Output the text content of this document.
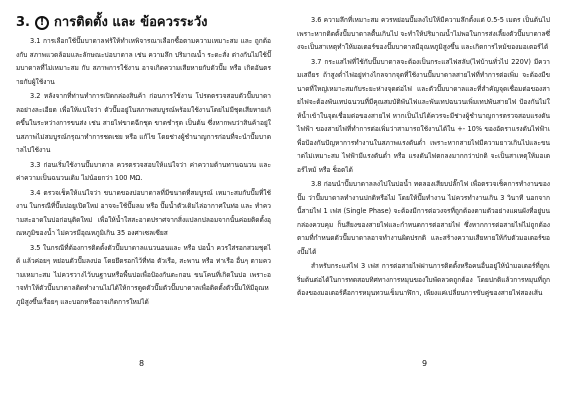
3. ! การติดตั้ง และ ข้อควรระวัง

3.1 การเลือกใช้ปั๊มบาดาลฟร้ให้ทำเหพิจารณาเลือกซื้อตามความเหมาะสม และ ถูกต้องกับ สภาพแวดล้อมและลักษณะบ่อบาดาล เช่น ความลึก ปริมาณน้ำ ระดะสั่ง ต่างกันไม่ใช้ปั๊มบาดาลที่ไม่เหมาะสม กับ สภาพการใช้งาน อาจเกิดความเสียหายกับตัวปั๊ม หรือ เกิดอันตรายกับผู้ใช้งาน

3.2 หลังจากที่ท่านทำการเปิดกล่องสินค้า ก่อนการใช้งาน โปรดตรวจสอบตัวปั๊มบาดาลอย่างละเอียด เพื่อให้แน่ใจว่า ตัวปั๊มอยู่ในสภาพสมบูรณ์พร้อมใช้งานโดยไม่มีชุดเสียหายเกิดขึ้นในระหว่างการขนส่ง เช่น สายไฟขาดฉีกชุด ขาดชำรุด เป็นต้น ซึ่งหากพบว่าสินค้าอยู่ในสภาพไม่สมบูรณ์กรุณาทำการชดเชย หรือ แก้ไข โดยช่างผู้ชำนาญการก่อนที่จะนำปั๊มบาดาลไปใช้งาน

3.3 ก่อนเริ่มใช้งานปั๊มบาดาล ควรตรวจสอบให้แน่ใจว่า ค่าความต้านทานฉนวน และ ค่าความเป็นฉนวนเดิม ไม่น้อยกว่า 100 MΩ.

3.4 ตรวจเช็คให้แน่ใจว่า ขนาดของบ่อบาดาลที่มีขนาดที่สมบูรณ์ เหมาะสมกับปั๊มที่ใช้งาน ในกรณีที่ปั๊มบ่อยูเปิดใหม่ อาจจะใช้ปั๊มลม หรือ ปั๊มน้ำตัวเดิมไล่อากาศในท่อ และ ทำความสะอาดในบ่อก่อนุติดใหม่ เพื่อให้น้ำใสสะอาดปราศจากสิ่งแปลกปลอมจากนั้นค่อยติดตั้งอุณหภูมิของน้ำ ไม่ควรมีอุณหภูมิเกิน 35 องศาเซลเซียส

3.5 ในกรณีที่ต้องการติดตั้งตัวปั๊มบาดาลแนวนอนและ หรือ บ่อน้ำ ควรใส่รอกสวมชุดได้ แล้วค่อยๆ หย่อนตัวปั๊มลงบ่อ โดยยึดรอกไว้ที่ท่อ ตัวเรือ, สะพาน หรือ ท่าเรือ อื่นๆ ตามความเหมาะสม ไม่ควรวางไว้บนฐานหรือพื้นบ่อเพื่อป้องกันตะกอน ขนโคนที่เกิดในบ่อ เพราะอาจทำให้ตัวปั๊มบาดาลติดทำงานไม่ได้ให้การดูดตัวปั๊มตัวปั๊มบาดาลเพื่อติดตั้งตัวปั๊มให้มีอุณหภูมิสูงขึ้นเรื่อยๆ และบอกหรืออาจเกิดการใหม่ได้

8

3.6 ความลึกที่เหมาะสม ควรหย่อนปั๊มลงไปให้มีความลึกตั้งแต่ 0.5-5 เมตร เป็นต้นไป เพราะหากติดตั้งปั๊มบาดาลตื้นเกินไป จะทำให้ปริมาณน้ำไม่พอในการส่งเลี้ยงตัวปั๊มบาดาลซึ่งจะเป็นสาเหตุทำให้มอเตอร์ของปั๊มบาดาลมีอุณหภูมิสูงขึ้น และเกิดการไหม้ของมอเตอร์ได้

3.7 กระแสไฟที่ใช้กับปั๊มบาดาลจะต้องเป็นกระแสไฟสลับ(ไฟบ้านทั่วไป 220V) มีความเสถียร ถ้าสูงต่ำไฟอยู่ห่างไกลจากจุดที่ใช้งานปั๊มบาดาลสายไฟที่ทำการต่อเพิ่ม จะต้องมีขนาดที่ใหญ่เหมาะสมกับระยะห่างจุดต่อไฟ และตัวปั๊มบาดาลและที่สำคัญจุดเชื่อมต่อของสายไฟจะต้องพันเทปฉนวนที่มีคุณสมบัติพันไฟและพันเทปฉนวนเพิ่มเทปพันสายไฟ ป้องกันไม่ให้น้ำเข้าในจุดเชื่อมต่อของสายไฟ หากเป็นไปได้ควรจะมีช่างผู้ชำนาญการตรวจสอบแรงดันไฟฟ้า ของสายไฟที่ทำการต่อเพิ่มว่าสามารถใช้งานได้ใน +- 10% ของอัตราแรงดันไฟฟ้าเพื่อป้องกันปัญหาการทำงานในสภาพแรงดันต่ำ เพราะหากสายไฟมีความยาวเกินไปและขนาดไม่เหมาะสม ไฟฟ้ามีแรงดันต่ำ หรือ แรงดันไฟตกลงมากกว่าปกติ จะเป็นสาเหตุให้มอเตอร์ไหม้ หรือ ช็อตได้

3.8 ก่อนนำปั๊มบาดาลลงไปในบ่อน้ำ ทดลองเสียบปลั๊กไฟ เพื่อตรวจเช็คการทำงานของปั๊ม ว่าปั๊มบาดาลทำงานปกติหรือไม่ โดยให้ปั๊มทำงาน ไม่ควรทำงานเกิน 3 วินาที นอกจากนี้สายไฟ 1 เฟส (Single Phase) จะต้องมีการต่อวงจรที่ถูกต้องตามตัวอย่างแผนผังที่อยู่บนกล่องควบคุม ก็นสียงของสายไฟและกำหนดการต่อสายไฟ ซึ่งหากการต่อสายไฟไม่ถูกต้องตามที่กำหนดตัวปั๊มบาดาลอาจทำงานผิดปรกติ และสร้างความเสียหายให้กับตัวมอเตอร์ของปั๊มได้

สำหรับกระแสไฟ 3 เฟส การต่อสายไฟผ่านการติดตั้งหรือคนอื่นอยู่ให้นำมอเตอร์ที่ถูกเริ่มต้นต่อได้ในการทดสอบทิศทางการหมุนของใบพัดลวดถูกต้อง โดยปกติแล้วการหมุนที่ถูกต้องของมอเตอร์คือการหมุนทวนเข็มนาฬิกา, เพียงแค่เปลี่ยนการขับคู่ของสายไฟสองเส้น

9
